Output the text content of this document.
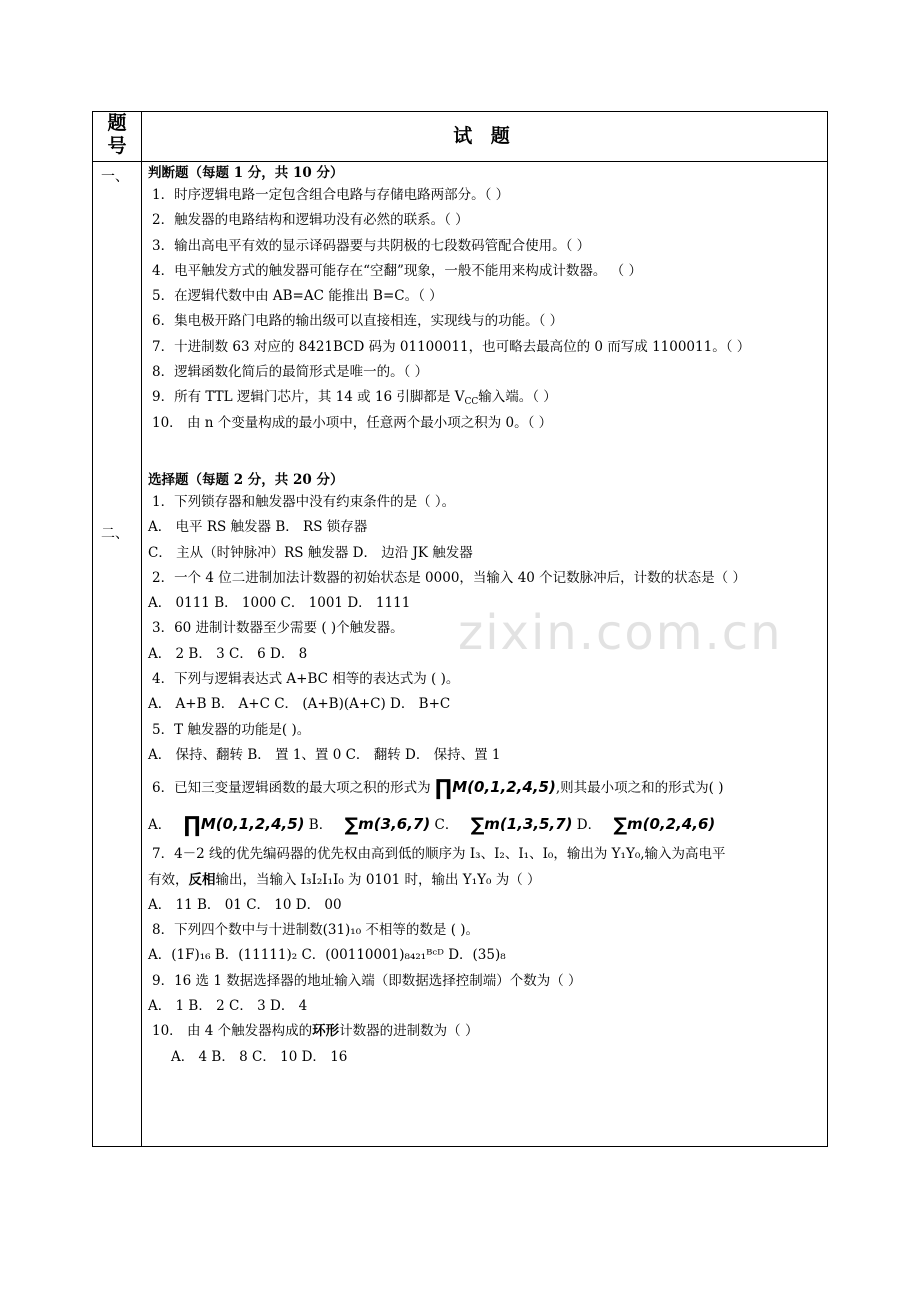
题
号	试 题
一、
二、
判断题（每题 1 分，共 10 分）
1．时序逻辑电路一定包含组合电路与存储电路两部分。（ ）
2．触发器的电路结构和逻辑功没有必然的联系。（ ）
3．输出高电平有效的显示译码器要与共阴极的七段数码管配合使用。（ ）
4．电平触发方式的触发器可能存在“空翻”现象，一般不能用来构成计数器。 （ ）
5．在逻辑代数中由 AB=AC 能推出 B=C。（ ）
6．集电极开路门电路的输出级可以直接相连，实现线与的功能。（ ）
7．十进制数 63 对应的 8421BCD 码为 01100011，也可略去最高位的 0 而写成 1100011。（ ）
8．逻辑函数化简后的最简形式是唯一的。（ ）
9．所有 TTL 逻辑门芯片，其 14 或 16 引脚都是 $V_{CC}$输入端。（ ）
10． 由 n 个变量构成的最小项中，任意两个最小项之积为 0。（ ）
选择题（每题 2 分，共 20 分）
1．下列锁存器和触发器中没有约束条件的是（ ）。
A． 电平 RS 触发器 B． RS 锁存器
C． 主从（时钟脉冲）RS 触发器 D． 边沿 JK 触发器
2．一个 4 位二进制加法计数器的初始状态是 0000，当输入 40 个记数脉冲后，计数的状态是（ ）
A． 0111 B． 1000 C． 1001 D． 1111
3．60 进制计数器至少需要 ( )个触发器。
A． 2 B． 3 C． 6 D． 8
4．下列与逻辑表达式 A+BC 相等的表达式为 ( )。
A． A+B B． A+C C． (A+B)(A+C) D． B+C
5．T 触发器的功能是( )。
A． 保持、翻转 B． 置 1、置 0 C． 翻转 D． 保持、置 1
6．已知三变量逻辑函数的最大项之积的形式为 ∏M(0,1,2,4,5),则其最小项之和的形式为( )
A． ∏M(0,1,2,4,5) B． ∑m(3,6,7) C． ∑m(1,3,5,7) D． ∑m(0,2,4,6)
7．4－2 线的优先编码器的优先权由高到低的顺序为 I₃、I₂、I₁、I₀，输出为 Y₁Y₀,输入为高电平
有效，反相输出，当输入 I₃I₂I₁I₀ 为 0101 时，输出 Y₁Y₀ 为（ ）
A． 11 B． 01 C． 10 D． 00
8．下列四个数中与十进制数(31)₁₀ 不相等的数是 ( )。
A．(1F)₁₆ B．(11111)₂ C．(00110001)₈₄₂₁ᴮᶜᴰ D．(35)₈
9．16 选 1 数据选择器的地址输入端（即数据选择控制端）个数为（ ）
A． 1 B． 2 C． 3 D． 4
10． 由 4 个触发器构成的环形计数器的进制数为（ ）
A． 4 B． 8 C． 10 D． 16
zixin.com.cn
